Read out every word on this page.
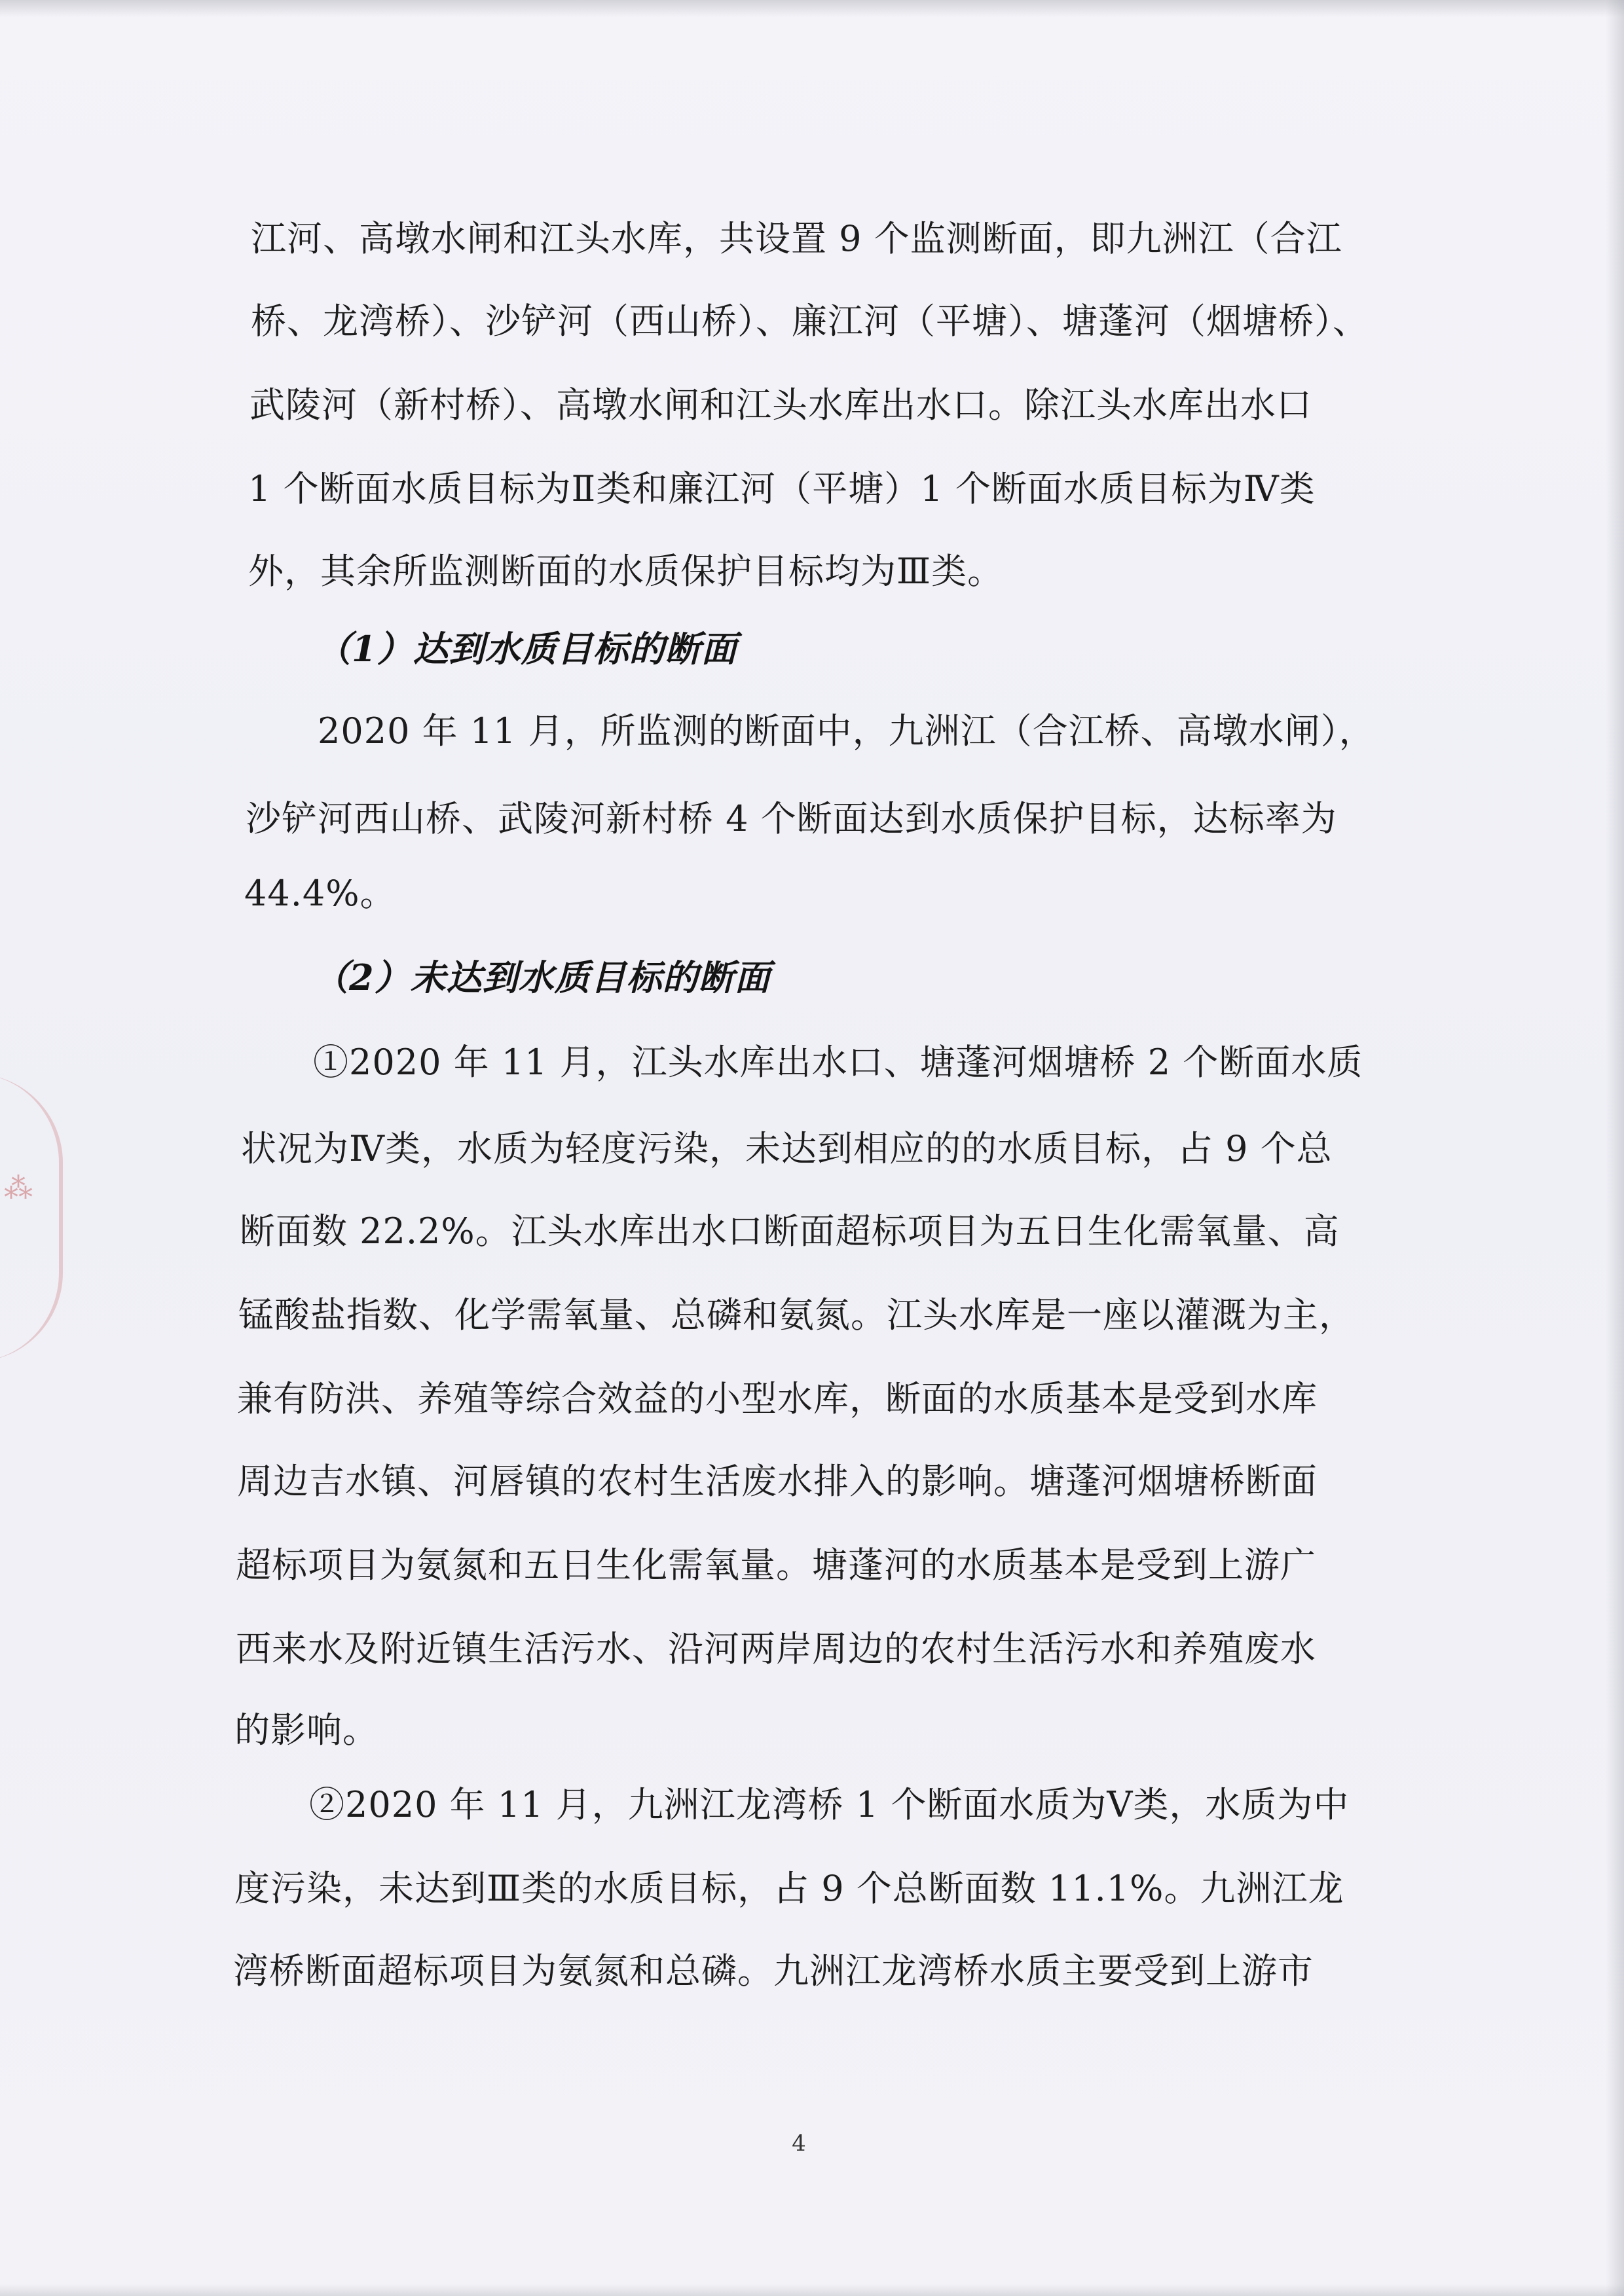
⁂
江河、高墩水闸和江头水库，共设置 9 个监测断面，即九洲江（合江
桥、龙湾桥）、沙铲河（西山桥）、廉江河（平塘）、塘蓬河（烟塘桥）、
武陵河（新村桥）、高墩水闸和江头水库出水口。除江头水库出水口
1 个断面水质目标为Ⅱ类和廉江河（平塘）1 个断面水质目标为Ⅳ类
外，其余所监测断面的水质保护目标均为Ⅲ类。
（1）达到水质目标的断面
2020 年 11 月，所监测的断面中，九洲江（合江桥、高墩水闸），
沙铲河西山桥、武陵河新村桥 4 个断面达到水质保护目标，达标率为
44.4%。
（2）未达到水质目标的断面
①2020 年 11 月，江头水库出水口、塘蓬河烟塘桥 2 个断面水质
状况为Ⅳ类，水质为轻度污染，未达到相应的的水质目标，占 9 个总
断面数 22.2%。江头水库出水口断面超标项目为五日生化需氧量、高
锰酸盐指数、化学需氧量、总磷和氨氮。江头水库是一座以灌溉为主，
兼有防洪、养殖等综合效益的小型水库，断面的水质基本是受到水库
周边吉水镇、河唇镇的农村生活废水排入的影响。塘蓬河烟塘桥断面
超标项目为氨氮和五日生化需氧量。塘蓬河的水质基本是受到上游广
西来水及附近镇生活污水、沿河两岸周边的农村生活污水和养殖废水
的影响。
②2020 年 11 月，九洲江龙湾桥 1 个断面水质为Ⅴ类，水质为中
度污染，未达到Ⅲ类的水质目标，占 9 个总断面数 11.1%。九洲江龙
湾桥断面超标项目为氨氮和总磷。九洲江龙湾桥水质主要受到上游市
4
